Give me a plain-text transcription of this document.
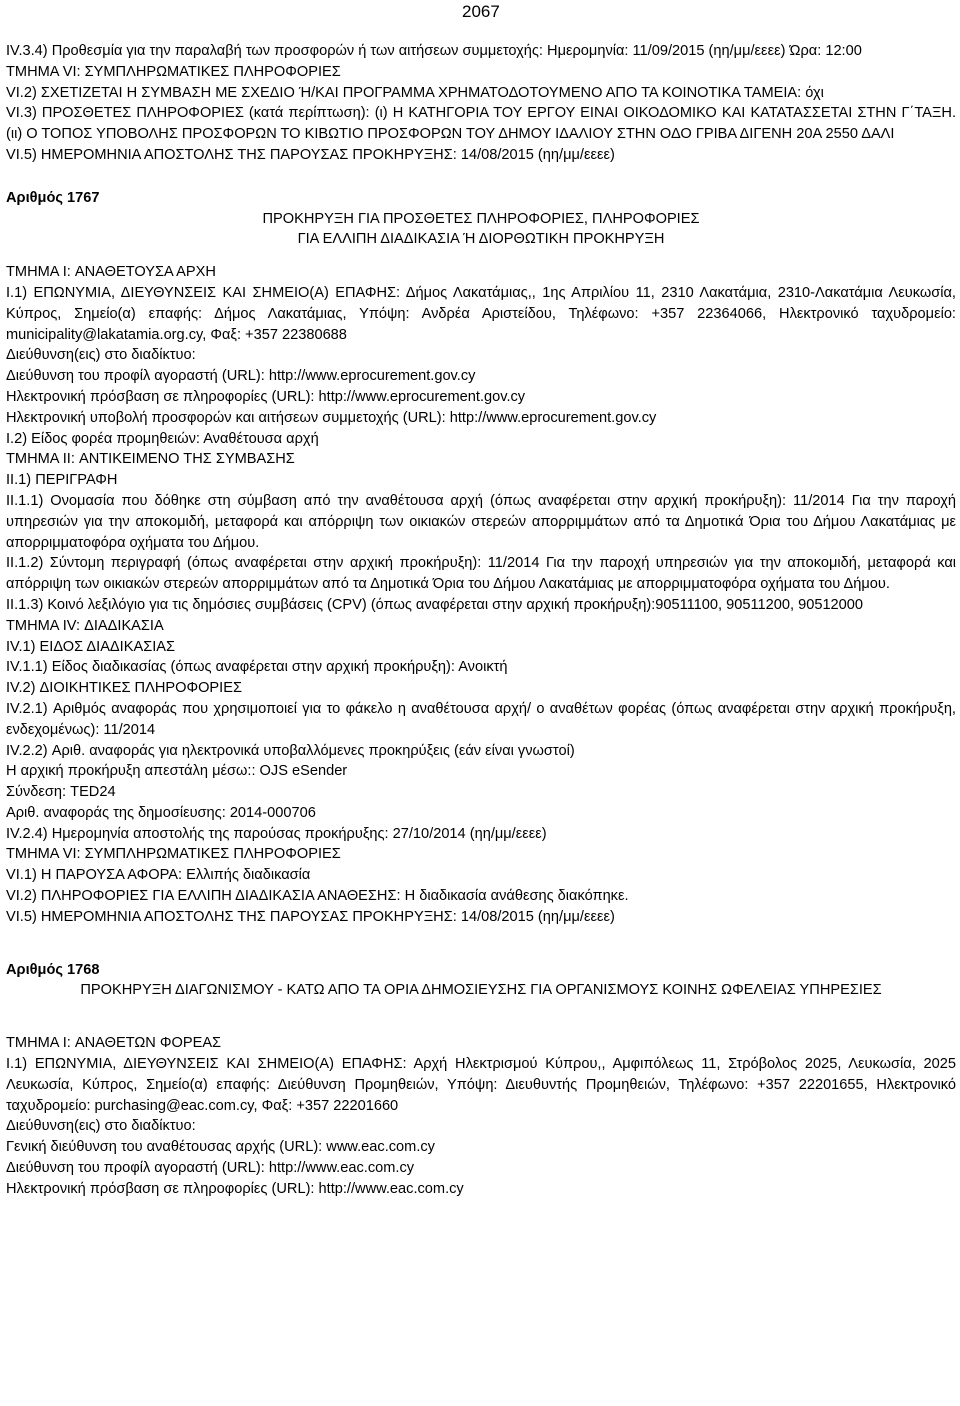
2067

IV.3.4) Προθεσμία για την παραλαβή των προσφορών ή των αιτήσεων συμμετοχής: Ημερομηνία: 11/09/2015 (ηη/μμ/εεεε) Ώρα: 12:00

ΤΜΗΜΑ VI: ΣΥΜΠΛΗΡΩΜΑΤΙΚΕΣ ΠΛΗΡΟΦΟΡΙΕΣ

VI.2) ΣΧΕΤΙΖΕΤΑΙ Η ΣΥΜΒΑΣΗ ΜΕ ΣΧΕΔΙΟ Ή/ΚΑΙ ΠΡΟΓΡΑΜΜΑ ΧΡΗΜΑΤΟΔΟΤΟΥΜΕΝΟ ΑΠΟ ΤΑ ΚΟΙΝΟΤΙΚΑ ΤΑΜΕΙΑ: όχι

VI.3) ΠΡΟΣΘΕΤΕΣ ΠΛΗΡΟΦΟΡΙΕΣ (κατά περίπτωση): (ι) Η ΚΑΤΗΓΟΡΙΑ ΤΟΥ ΕΡΓΟΥ ΕΙΝΑΙ ΟΙΚΟΔΟΜΙΚΟ ΚΑΙ ΚΑΤΑΤΑΣΣΕΤΑΙ ΣΤΗΝ Γ΄ΤΑΞΗ. (ιι) Ο ΤΟΠΟΣ ΥΠΟΒΟΛΗΣ ΠΡΟΣΦΟΡΩΝ ΤΟ ΚΙΒΩΤΙΟ ΠΡΟΣΦΟΡΩΝ ΤΟΥ ΔΗΜΟΥ ΙΔΑΛΙΟΥ ΣΤΗΝ ΟΔΟ ΓΡΙΒΑ ΔΙΓΕΝΗ 20Α 2550 ΔΑΛΙ

VI.5) ΗΜΕΡΟΜΗΝΙΑ ΑΠΟΣΤΟΛΗΣ ΤΗΣ ΠΑΡΟΥΣΑΣ ΠΡΟΚΗΡΥΞΗΣ: 14/08/2015 (ηη/μμ/εεεε)

Αριθμός 1767

ΠΡΟΚΗΡΥΞΗ ΓΙΑ ΠΡΟΣΘΕΤΕΣ ΠΛΗΡΟΦΟΡΙΕΣ, ΠΛΗΡΟΦΟΡΙΕΣ

ΓΙΑ ΕΛΛΙΠΗ ΔΙΑΔΙΚΑΣΙΑ Ή ΔΙΟΡΘΩΤΙΚΗ ΠΡΟΚΗΡΥΞΗ

ΤΜΗΜΑ I: ΑΝΑΘΕΤΟΥΣΑ ΑΡΧΗ

I.1) ΕΠΩΝΥΜΙΑ, ΔΙΕΥΘΥΝΣΕΙΣ ΚΑΙ ΣΗΜΕΙΟ(Α) ΕΠΑΦΗΣ: Δήμος Λακατάμιας,, 1ης Απριλίου 11, 2310 Λακατάμια, 2310-Λακατάμια Λευκωσία, Κύπρος, Σημείο(α) επαφής: Δήμος Λακατάμιας, Υπόψη: Ανδρέα Αριστείδου, Τηλέφωνο: +357 22364066, Ηλεκτρονικό ταχυδρομείο: municipality@lakatamia.org.cy, Φαξ: +357 22380688

Διεύθυνση(εις) στο διαδίκτυο:

Διεύθυνση του προφίλ αγοραστή (URL): http://www.eprocurement.gov.cy

Ηλεκτρονική πρόσβαση σε πληροφορίες (URL): http://www.eprocurement.gov.cy

Ηλεκτρονική υποβολή προσφορών και αιτήσεων συμμετοχής (URL): http://www.eprocurement.gov.cy

I.2) Είδος φορέα προμηθειών: Αναθέτουσα αρχή

ΤΜΗΜΑ II: ΑΝΤΙΚΕΙΜΕΝΟ ΤΗΣ ΣΥΜΒΑΣΗΣ

II.1) ΠΕΡΙΓΡΑΦΗ

II.1.1) Ονομασία που δόθηκε στη σύμβαση από την αναθέτουσα αρχή (όπως αναφέρεται στην αρχική προκήρυξη): 11/2014 Για την παροχή υπηρεσιών για την αποκομιδή, μεταφορά και απόρριψη των οικιακών στερεών απορριμμάτων από τα Δημοτικά Όρια του Δήμου Λακατάμιας με απορριμματοφόρα οχήματα του Δήμου.

II.1.2) Σύντομη περιγραφή (όπως αναφέρεται στην αρχική προκήρυξη): 11/2014 Για την παροχή υπηρεσιών για την αποκομιδή, μεταφορά και απόρριψη των οικιακών στερεών απορριμμάτων από τα Δημοτικά Όρια του Δήμου Λακατάμιας με απορριμματοφόρα οχήματα του Δήμου.

II.1.3) Κοινό λεξιλόγιο για τις δημόσιες συμβάσεις (CPV) (όπως αναφέρεται στην αρχική προκήρυξη):90511100, 90511200, 90512000

ΤΜΗΜΑ IV: ΔΙΑΔΙΚΑΣΙΑ

IV.1) ΕΙΔΟΣ ΔΙΑΔΙΚΑΣΙΑΣ

IV.1.1) Είδος διαδικασίας (όπως αναφέρεται στην αρχική προκήρυξη): Ανοικτή

IV.2) ΔΙΟΙΚΗΤΙΚΕΣ ΠΛΗΡΟΦΟΡΙΕΣ

IV.2.1) Αριθμός αναφοράς που χρησιμοποιεί για το φάκελο η αναθέτουσα αρχή/ ο αναθέτων φορέας (όπως αναφέρεται στην αρχική προκήρυξη, ενδεχομένως): 11/2014

IV.2.2) Αριθ. αναφοράς για ηλεκτρονικά υποβαλλόμενες προκηρύξεις (εάν είναι γνωστοί)

Η αρχική προκήρυξη απεστάλη μέσω:: OJS eSender

Σύνδεση: TED24

Αριθ. αναφοράς της δημοσίευσης: 2014-000706

IV.2.4) Ημερομηνία αποστολής της παρούσας προκήρυξης: 27/10/2014 (ηη/μμ/εεεε)

ΤΜΗΜΑ VI: ΣΥΜΠΛΗΡΩΜΑΤΙΚΕΣ ΠΛΗΡΟΦΟΡΙΕΣ

VI.1) Η ΠΑΡΟΥΣΑ ΑΦΟΡΑ: Ελλιπής διαδικασία

VI.2) ΠΛΗΡΟΦΟΡΙΕΣ ΓΙΑ ΕΛΛΙΠΗ ΔΙΑΔΙΚΑΣΙΑ ΑΝΑΘΕΣΗΣ: Η διαδικασία ανάθεσης διακόπηκε.

VI.5) ΗΜΕΡΟΜΗΝΙΑ ΑΠΟΣΤΟΛΗΣ ΤΗΣ ΠΑΡΟΥΣΑΣ ΠΡΟΚΗΡΥΞΗΣ: 14/08/2015 (ηη/μμ/εεεε)

Αριθμός 1768

ΠΡΟΚΗΡΥΞΗ ΔΙΑΓΩΝΙΣΜΟΥ - ΚΑΤΩ ΑΠΟ ΤΑ ΟΡΙΑ ΔΗΜΟΣΙΕΥΣΗΣ ΓΙΑ ΟΡΓΑΝΙΣΜΟΥΣ ΚΟΙΝΗΣ ΩΦΕΛΕΙΑΣ ΥΠΗΡΕΣΙΕΣ

ΤΜΗΜΑ I: ΑΝΑΘΕΤΩΝ ΦΟΡΕΑΣ

I.1) ΕΠΩΝΥΜΙΑ, ΔΙΕΥΘΥΝΣΕΙΣ ΚΑΙ ΣΗΜΕΙΟ(Α) ΕΠΑΦΗΣ: Αρχή Ηλεκτρισμού Κύπρου,, Αμφιπόλεως 11, Στρόβολος 2025, Λευκωσία, 2025 Λευκωσία, Κύπρος, Σημείο(α) επαφής: Διεύθυνση Προμηθειών, Υπόψη: Διευθυντής Προμηθειών, Τηλέφωνο: +357 22201655, Ηλεκτρονικό ταχυδρομείο: purchasing@eac.com.cy, Φαξ: +357 22201660

Διεύθυνση(εις) στο διαδίκτυο:

Γενική διεύθυνση του αναθέτουσας αρχής (URL): www.eac.com.cy

Διεύθυνση του προφίλ αγοραστή (URL): http://www.eac.com.cy

Ηλεκτρονική πρόσβαση σε πληροφορίες (URL): http://www.eac.com.cy
